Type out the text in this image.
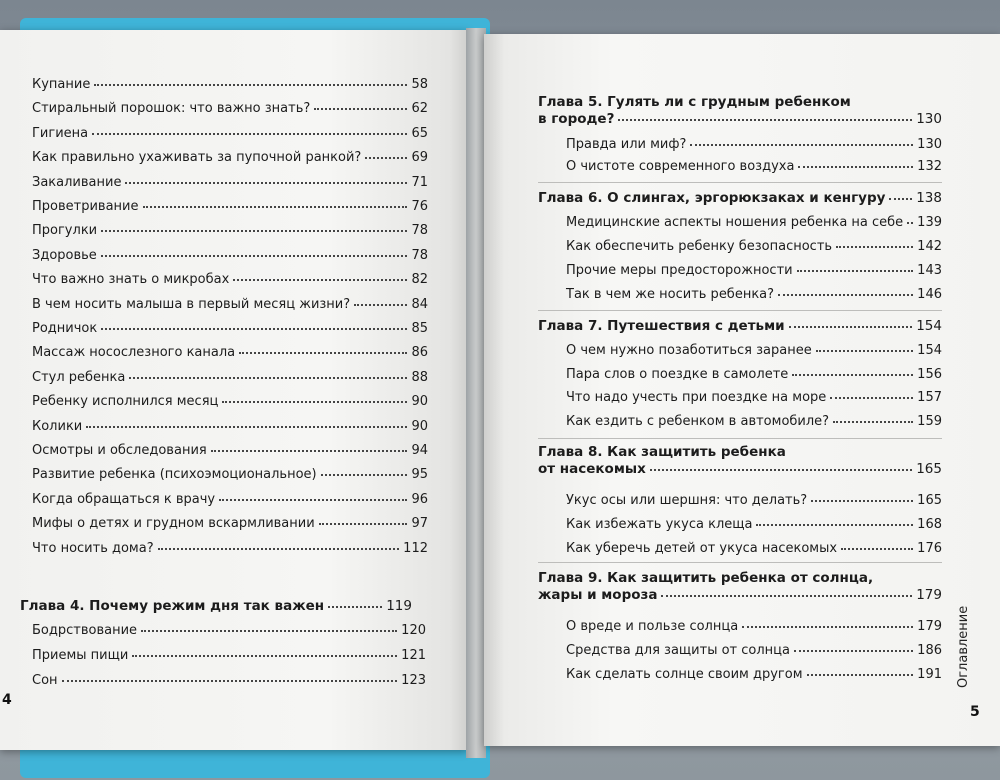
Купание	58
Стиральный порошок: что важно знать?	62
Гигиена	65
Как правильно ухаживать за пупочной ранкой?	69
Закаливание	71
Проветривание	76
Прогулки	78
Здоровье	78
Что важно знать о микробах	82
В чем носить малыша в первый месяц жизни?	84
Родничок	85
Массаж носослезного канала	86
Стул ребенка	88
Ребенку исполнился месяц	90
Колики	90
Осмотры и обследования	94
Развитие ребенка (психоэмоциональное)	95
Когда обращаться к врачу	96
Мифы о детях и грудном вскармливании	97
Что носить дома?	112
Глава 4. Почему режим дня так важен	119
Бодрствование	120
Приемы пищи	121
Сон	123
4
Глава 5. Гулять ли с грудным ребенком
в городе?	130
Правда или миф?	130
О чистоте современного воздуха	132
Глава 6. О слингах, эргорюкзаках и кенгуру 138
Медицинские аспекты ношения ребенка на себе 139
Как обеспечить ребенку безопасность	142
Прочие меры предосторожности	143
Так в чем же носить ребенка?	146
Глава 7. Путешествия с детьми	154
О чем нужно позаботиться заранее	154
Пара слов о поездке в самолете	156
Что надо учесть при поездке на море	157
Как ездить с ребенком в автомобиле?	159
Глава 8. Как защитить ребенка
от насекомых	165
Укус осы или шершня: что делать?	165
Как избежать укуса клеща	168
Как уберечь детей от укуса насекомых	176
Глава 9. Как защитить ребенка от солнца,
жары и мороза	179
О вреде и пользе солнца	179
Средства для защиты от солнца	186
Как сделать солнце своим другом	191 Оглавление
5
